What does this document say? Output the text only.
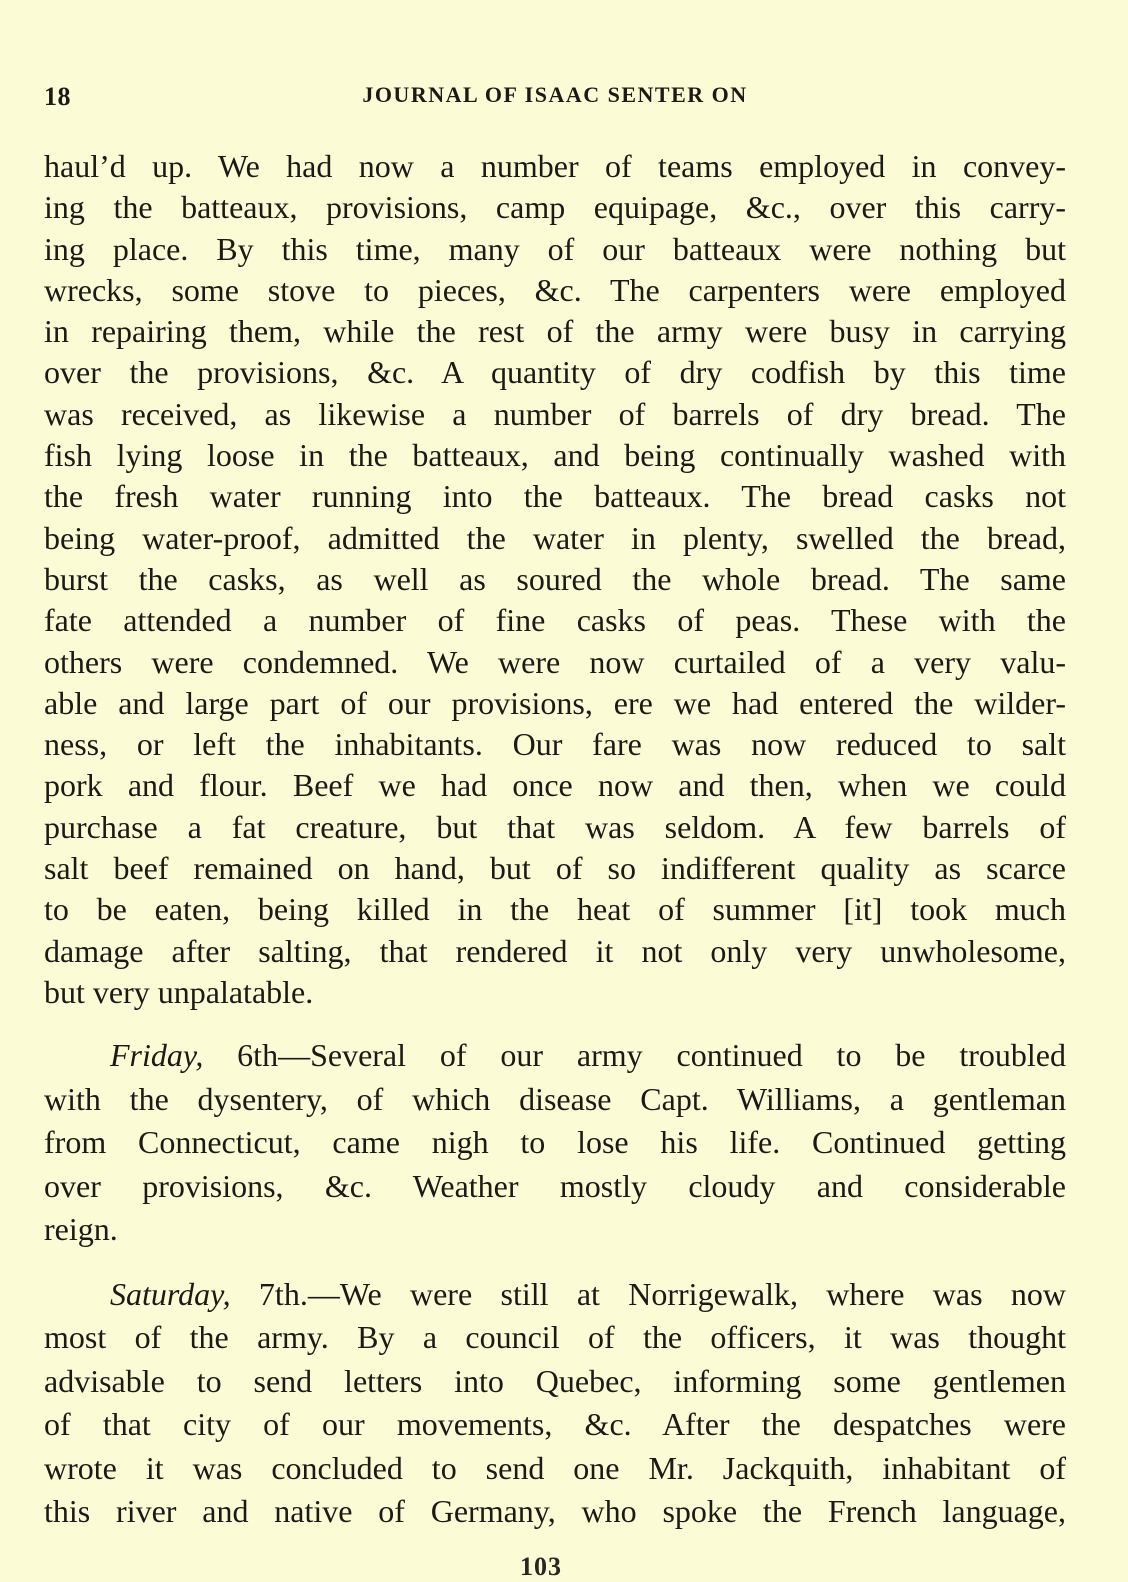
18	JOURNAL OF ISAAC SENTER ON

haul’d up. We had now a number of teams employed in convey-
ing the batteaux, provisions, camp equipage, &c., over this carry-
ing place. By this time, many of our batteaux were nothing but
wrecks, some stove to pieces, &c. The carpenters were employed
in repairing them, while the rest of the army were busy in carrying
over the provisions, &c. A quantity of dry codfish by this time
was received, as likewise a number of barrels of dry bread. The
fish lying loose in the batteaux, and being continually washed with
the fresh water running into the batteaux. The bread casks not
being water-proof, admitted the water in plenty, swelled the bread,
burst the casks, as well as soured the whole bread. The same
fate attended a number of fine casks of peas. These with the
others were condemned. We were now curtailed of a very valu-
able and large part of our provisions, ere we had entered the wilder-
ness, or left the inhabitants. Our fare was now reduced to salt
pork and flour. Beef we had once now and then, when we could
purchase a fat creature, but that was seldom. A few barrels of
salt beef remained on hand, but of so indifferent quality as scarce
to be eaten, being killed in the heat of summer [it] took much
damage after salting, that rendered it not only very unwholesome,
but very unpalatable.

Friday, 6th—Several of our army continued to be troubled
with the dysentery, of which disease Capt. Williams, a gentleman
from Connecticut, came nigh to lose his life. Continued getting
over provisions, &c. Weather mostly cloudy and considerable
reign.

Saturday, 7th.—We were still at Norrigewalk, where was now
most of the army. By a council of the officers, it was thought
advisable to send letters into Quebec, informing some gentlemen
of that city of our movements, &c. After the despatches were
wrote it was concluded to send one Mr. Jackquith, inhabitant of
this river and native of Germany, who spoke the French language,

103
